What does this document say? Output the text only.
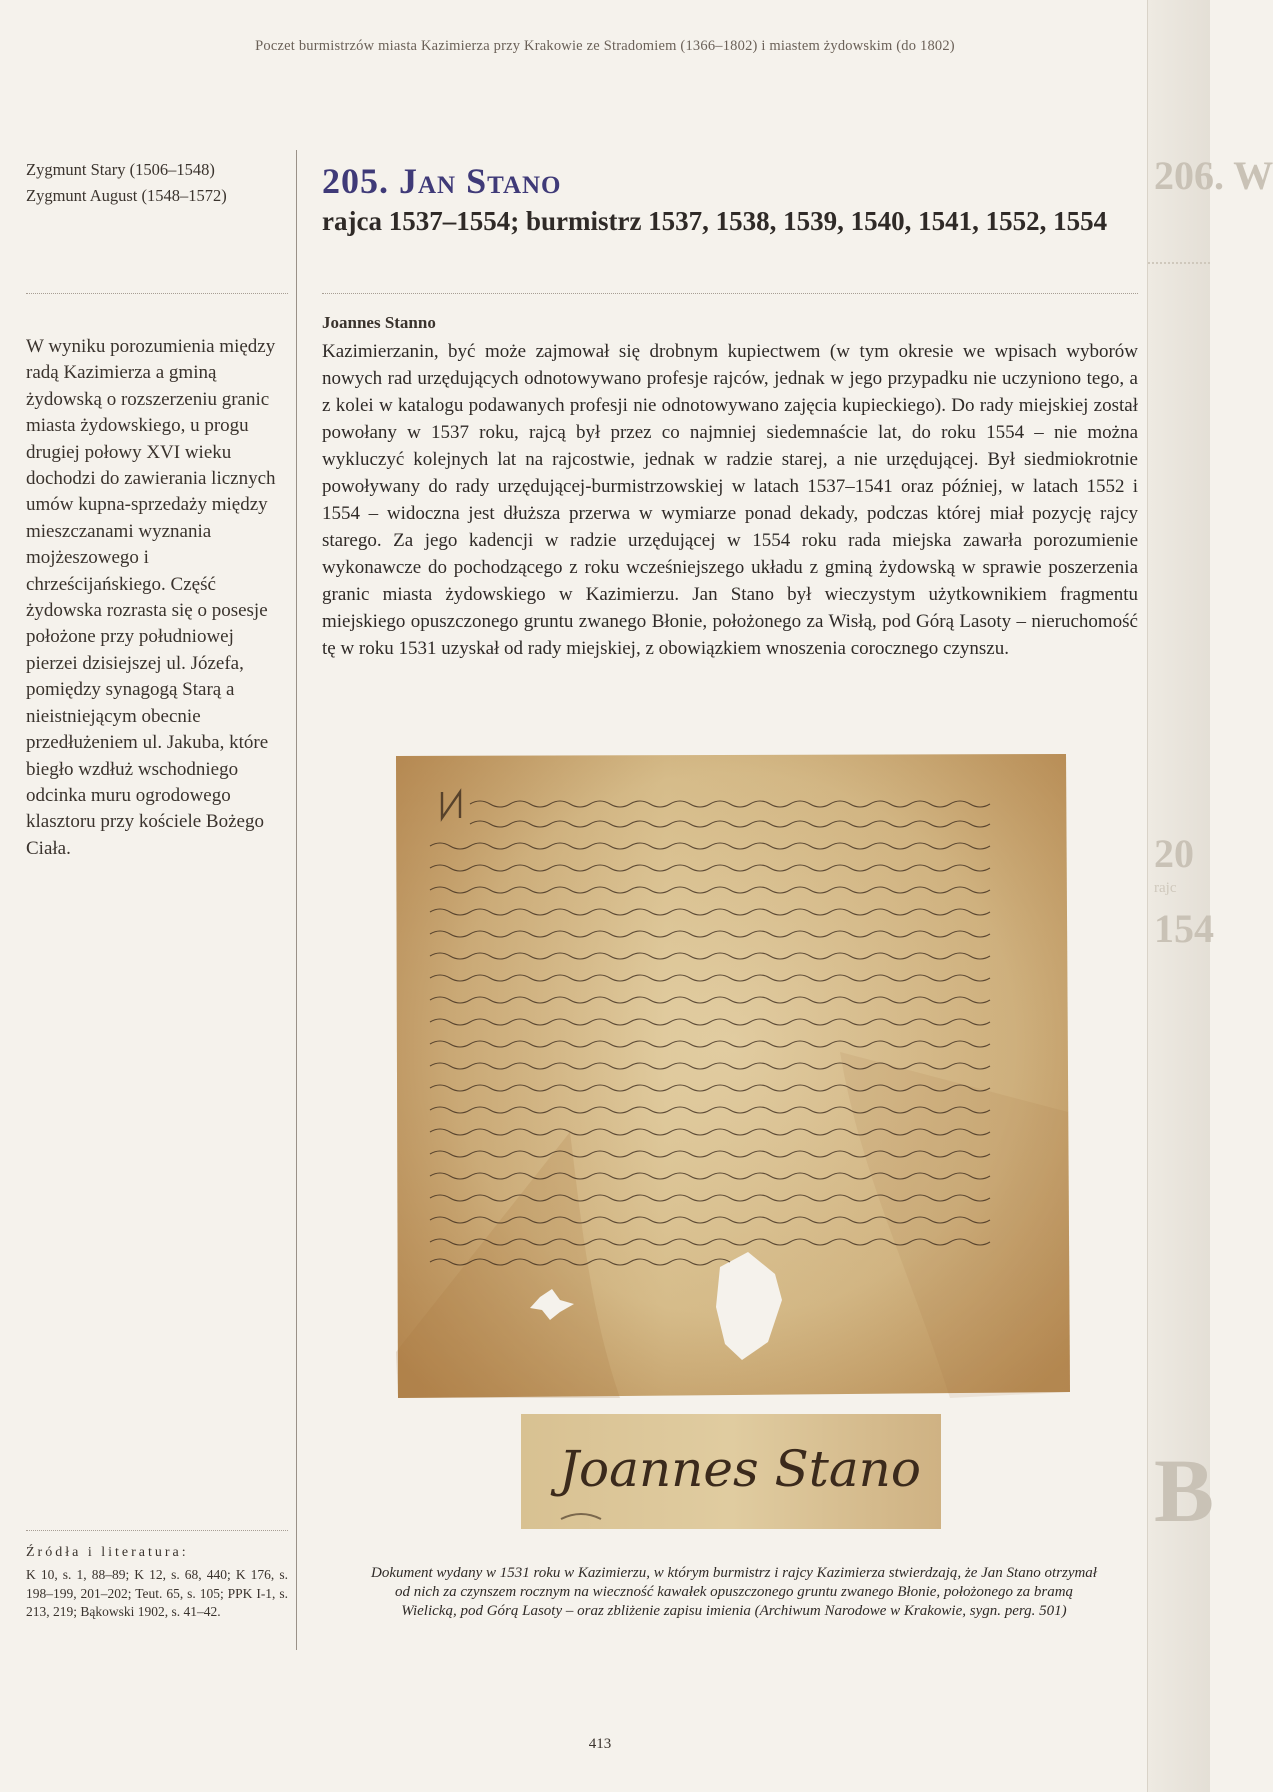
206. W
20
rajc
154
B
Poczet burmistrzów miasta Kazimierza przy Krakowie ze Stradomiem (1366–1802) i miastem żydowskim (do 1802)
Zygmunt Stary (1506–1548)
Zygmunt August (1548–1572)
W wyniku porozumienia między radą Kazimierza a gminą żydowską o rozszerzeniu granic miasta żydowskiego, u progu drugiej połowy XVI wieku dochodzi do zawierania licznych umów kupna-sprzedaży między mieszczanami wyznania mojżeszowego i chrześcijańskiego. Część żydowska rozrasta się o posesje położone przy południowej pierzei dzisiejszej ul. Józefa, pomiędzy synagogą Starą a nieistniejącym obecnie przedłużeniem ul. Jakuba, które biegło wzdłuż wschodniego odcinka muru ogrodowego klasztoru przy kościele Bożego Ciała.
Źródła i literatura:
K 10, s. 1, 88–89; K 12, s. 68, 440; K 176, s. 198–199, 201–202; Teut. 65, s. 105; PPK I-1, s. 213, 219; Bąkowski 1902, s. 41–42.
205. Jan Stano
rajca 1537–1554; burmistrz 1537, 1538, 1539, 1540, 1541, 1552, 1554
Joannes Stanno
Kazimierzanin, być może zajmował się drobnym kupiectwem (w tym okresie we wpisach wyborów nowych rad urzędujących odnotowywano profesje rajców, jednak w jego przypadku nie uczyniono tego, a z kolei w katalogu podawanych profesji nie odnotowywano zajęcia kupieckiego). Do rady miejskiej został powołany w 1537 roku, rajcą był przez co najmniej siedemnaście lat, do roku 1554 – nie można wykluczyć kolejnych lat na rajcostwie, jednak w radzie starej, a nie urzędującej. Był siedmiokrotnie powoływany do rady urzędującej-burmistrzowskiej w latach 1537–1541 oraz później, w latach 1552 i 1554 – widoczna jest dłuższa przerwa w wymiarze ponad dekady, podczas której miał pozycję rajcy starego. Za jego kadencji w radzie urzędującej w 1554 roku rada miejska zawarła porozumienie wykonawcze do pochodzącego z roku wcześniejszego układu z gminą żydowską w sprawie poszerzenia granic miasta żydowskiego w Kazimierzu. Jan Stano był wieczystym użytkownikiem fragmentu miejskiego opuszczonego gruntu zwanego Błonie, położonego za Wisłą, pod Górą Lasoty – nieruchomość tę w roku 1531 uzyskał od rady miejskiej, z obowiązkiem wnoszenia corocznego czynszu.
Joannes Stano
Dokument wydany w 1531 roku w Kazimierzu, w którym burmistrz i rajcy Kazimierza stwierdzają, że Jan Stano otrzymał od nich za czynszem rocznym na wieczność kawałek opuszczonego gruntu zwanego Błonie, położonego za bramą Wielicką, pod Górą Lasoty – oraz zbliżenie zapisu imienia (Archiwum Narodowe w Krakowie, sygn. perg. 501)
413
